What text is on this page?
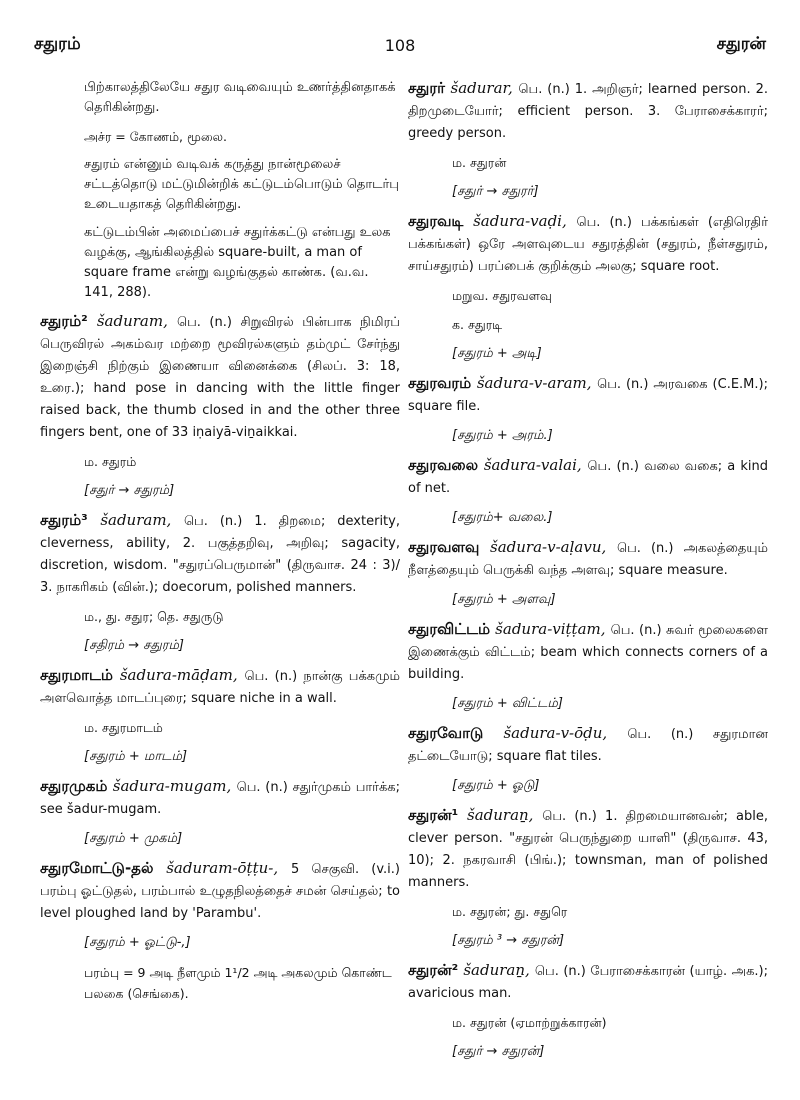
சதுரம்	108	சதுரன்

பிற்காலத்திலேயே சதுர வடிவையும் உணர்த்தினதாகக் தெரிகின்றது.

அச்ர = கோணம், மூலை.

சதுரம் என்னும் வடிவக் கருத்து நான்மூலைச் சட்டத்தொடு மட்டுமின்றிக் கட்டுடம்பொடும் தொடர்பு உடையதாகத் தெரிகின்றது.

கட்டுடம்பின் அமைப்பைச் சதுர்க்கட்டு என்பது உலக வழக்கு, ஆங்கிலத்தில் square-built, a man of square frame என்று வழங்குதல் காண்க. (வ.வ. 141, 288).

சதுரம்² šaduram, பெ. (n.) சிறுவிரல் பின்பாக நிமிரப் பெருவிரல் அகம்வர மற்றை மூவிரல்களும் தம்முட் சேர்ந்து இறைஞ்சி நிற்கும் இணையா வினைக்கை (சிலப். 3: 18, உரை.); hand pose in dancing with the little finger raised back, the thumb closed in and the other three fingers bent, one of 33 iṇaiyā-viṉaikkai.

ம. சதுரம்

[சதுர் → சதுரம்]

சதுரம்³ šaduram, பெ. (n.) 1. திறமை; dexterity, cleverness, ability, 2. பகுத்தறிவு, அறிவு; sagacity, discretion, wisdom. "சதுரப்பெருமான்" (திருவாச. 24 : 3)/ 3. நாகரிகம் (வின்.); doecorum, polished manners.

ம., து. சதுர; தெ. சதுருடு

[சதிரம் → சதுரம்]

சதுரமாடம் šadura-māḍam, பெ. (n.) நான்கு பக்கமும் அளவொத்த மாடப்புரை; square niche in a wall.

ம. சதுரமாடம்

[சதுரம் + மாடம்]

சதுரமுகம் šadura-mugam, பெ. (n.) சதுர்முகம் பார்க்க; see šadur-mugam.

[சதுரம் + முகம்]

சதுரமோட்டு-தல் šaduram-ōṭṭu-, 5 செகுவி. (v.i.) பரம்பு ஓட்டுதல், பரம்பால் உழுதநிலத்தைச் சமன் செய்தல்; to level ploughed land by 'Parambu'.

[சதுரம் + ஓட்டு-,]

பரம்பு = 9 அடி நீளமும் 1¹/2 அடி அகலமும் கொண்ட பலகை (செங்கை).

சதுரர் šadurar, பெ. (n.) 1. அறிஞர்; learned person. 2. திறமுடையோர்; efficient person. 3. பேராசைக்காரர்; greedy person.

ம. சதுரன்

[சதுர் → சதுரர்]

சதுரவடி šadura-vaḍi, பெ. (n.) பக்கங்கள் (எதிரெதிர் பக்கங்கள்) ஒரே அளவுடைய சதுரத்தின் (சதுரம், நீள்சதுரம், சாய்சதுரம்) பரப்பைக் குறிக்கும் அலகு; square root.

மறுவ. சதுரவளவு

க. சதுரடி

[சதுரம் + அடி]

சதுரவரம் šadura-v-aram, பெ. (n.) அரவகை (C.E.M.); square file.

[சதுரம் + அரம்.]

சதுரவலை šadura-valai, பெ. (n.) வலை வகை; a kind of net.

[சதுரம்+ வலை.]

சதுரவளவு šadura-v-aḷavu, பெ. (n.) அகலத்தையும் நீளத்தையும் பெருக்கி வந்த அளவு; square measure.

[சதுரம் + அளவு]

சதுரவிட்டம் šadura-viṭṭam, பெ. (n.) சுவர் மூலைகளை இணைக்கும் விட்டம்; beam which connects corners of a building.

[சதுரம் + விட்டம்]

சதுரவோடு šadura-v-ōḍu, பெ. (n.) சதுரமான தட்டையோடு; square flat tiles.

[சதுரம் + ஓடு]

சதுரன்¹ šaduraṉ, பெ. (n.) 1. திறமையானவன்; able, clever person. "சதுரன் பெருந்துறை யாளி" (திருவாச. 43, 10); 2. நகரவாசி (பிங்.); townsman, man of polished manners.

ம. சதுரன்; து. சதுரெ

[சதுரம் ³ → சதுரன்]

சதுரன்² šaduraṉ, பெ. (n.) பேராசைக்காரன் (யாழ். அக.); avaricious man.

ம. சதுரன் (ஏமாற்றுக்காரன்)

[சதுர் → சதுரன்]
